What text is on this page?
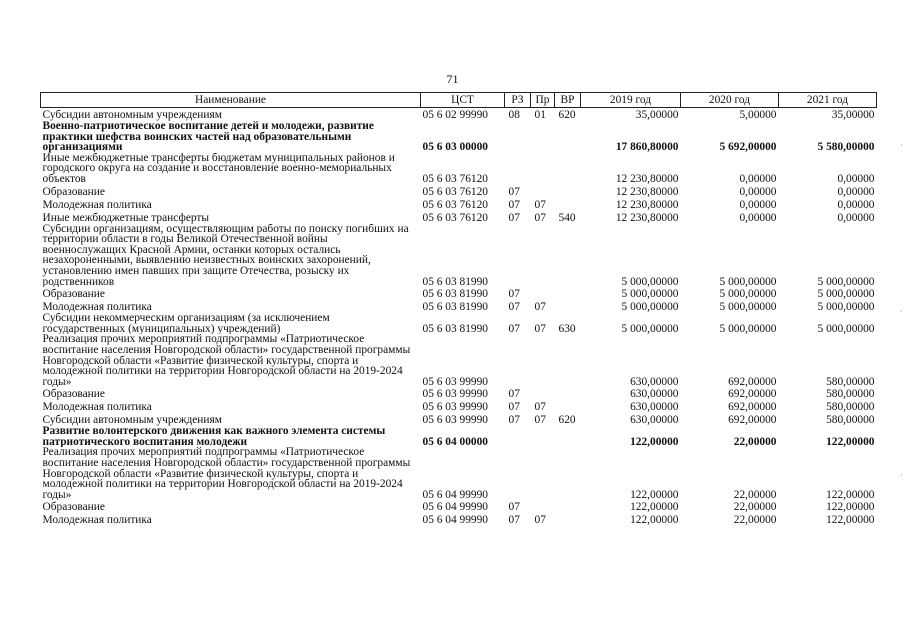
71
Наименование	ЦСТ	РЗ	Пр	ВР	2019 год	2020 год	2021 год
Субсидии автономным учреждениям	05 6 02 99990	08	01	620	35,00000	5,00000	35,00000
Военно-патриотическое воспитание детей и молодежи, развитие практики шефства воинских частей над образовательными организациями	05 6 03 00000				17 860,80000	5 692,00000	5 580,00000
Иные межбюджетные трансферты бюджетам муниципальных районов и городского округа на создание и восстановление военно-мемориальных объектов	05 6 03 76120				12 230,80000	0,00000	0,00000
Образование	05 6 03 76120	07			12 230,80000	0,00000	0,00000
Молодежная политика	05 6 03 76120	07	07		12 230,80000	0,00000	0,00000
Иные межбюджетные трансферты	05 6 03 76120	07	07	540	12 230,80000	0,00000	0,00000
Субсидии организациям, осуществляющим работы по поиску погибших на территории области в годы Великой Отечественной войны военнослужащих Красной Армии, останки которых остались незахороненными, выявлению неизвестных воинских захоронений, установлению имен павших при защите Отечества, розыску их родственников	05 6 03 81990				5 000,00000	5 000,00000	5 000,00000
Образование	05 6 03 81990	07			5 000,00000	5 000,00000	5 000,00000
Молодежная политика	05 6 03 81990	07	07		5 000,00000	5 000,00000	5 000,00000
Субсидии некоммерческим организациям (за исключением государственных (муниципальных) учреждений)	05 6 03 81990	07	07	630	5 000,00000	5 000,00000	5 000,00000
Реализация прочих мероприятий подпрограммы «Патриотическое воспитание населения Новгородской области» государственной программы Новгородской области «Развитие физической культуры, спорта и молодежной политики на территории Новгородской области на 2019-2024 годы»	05 6 03 99990				630,00000	692,00000	580,00000
Образование	05 6 03 99990	07			630,00000	692,00000	580,00000
Молодежная политика	05 6 03 99990	07	07		630,00000	692,00000	580,00000
Субсидии автономным учреждениям	05 6 03 99990	07	07	620	630,00000	692,00000	580,00000
Развитие волонтерского движения как важного элемента системы патриотического воспитания молодежи	05 6 04 00000				122,00000	22,00000	122,00000
Реализация прочих мероприятий подпрограммы «Патриотическое воспитание населения Новгородской области» государственной программы Новгородской области «Развитие физической культуры, спорта и молодежной политики на территории Новгородской области на 2019-2024 годы»	05 6 04 99990				122,00000	22,00000	122,00000
Образование	05 6 04 99990	07			122,00000	22,00000	122,00000
Молодежная политика	05 6 04 99990	07	07		122,00000	22,00000	122,00000
·
·
·
